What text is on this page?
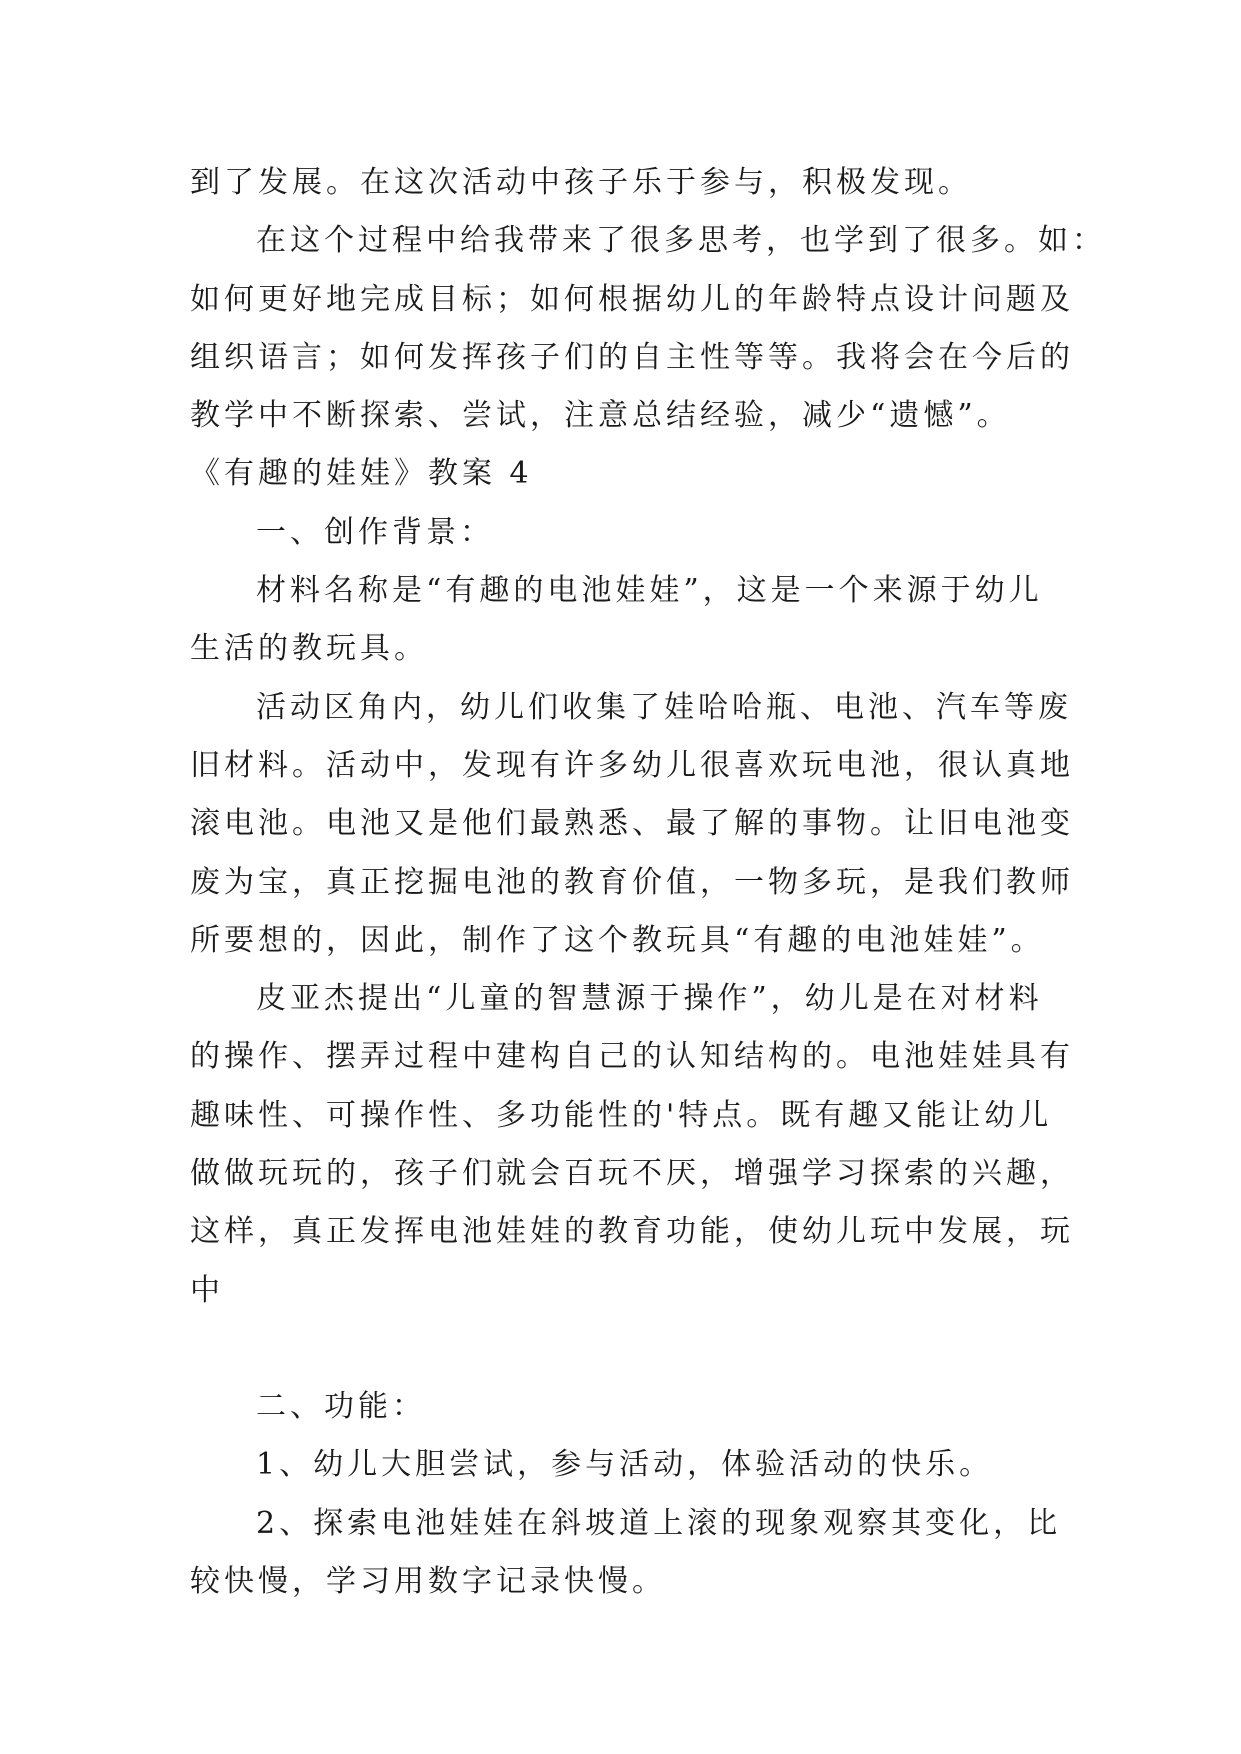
到了发展。在这次活动中孩子乐于参与，积极发现。
在这个过程中给我带来了很多思考，也学到了很多。如：
如何更好地完成目标；如何根据幼儿的年龄特点设计问题及
组织语言；如何发挥孩子们的自主性等等。我将会在今后的
教学中不断探索、尝试，注意总结经验，减少“遗憾”。
《有趣的娃娃》教案 4
一、创作背景：
材料名称是“有趣的电池娃娃”，这是一个来源于幼儿
生活的教玩具。
活动区角内，幼儿们收集了娃哈哈瓶、电池、汽车等废
旧材料。活动中，发现有许多幼儿很喜欢玩电池，很认真地
滚电池。电池又是他们最熟悉、最了解的事物。让旧电池变
废为宝，真正挖掘电池的教育价值，一物多玩，是我们教师
所要想的，因此，制作了这个教玩具“有趣的电池娃娃”。
皮亚杰提出“儿童的智慧源于操作”，幼儿是在对材料
的操作、摆弄过程中建构自己的认知结构的。电池娃娃具有
趣味性、可操作性、多功能性的'特点。既有趣又能让幼儿
做做玩玩的，孩子们就会百玩不厌，增强学习探索的兴趣，
这样，真正发挥电池娃娃的教育功能，使幼儿玩中发展，玩
中
二、功能：
1、幼儿大胆尝试，参与活动，体验活动的快乐。
2、探索电池娃娃在斜坡道上滚的现象观察其变化，比
较快慢，学习用数字记录快慢。
